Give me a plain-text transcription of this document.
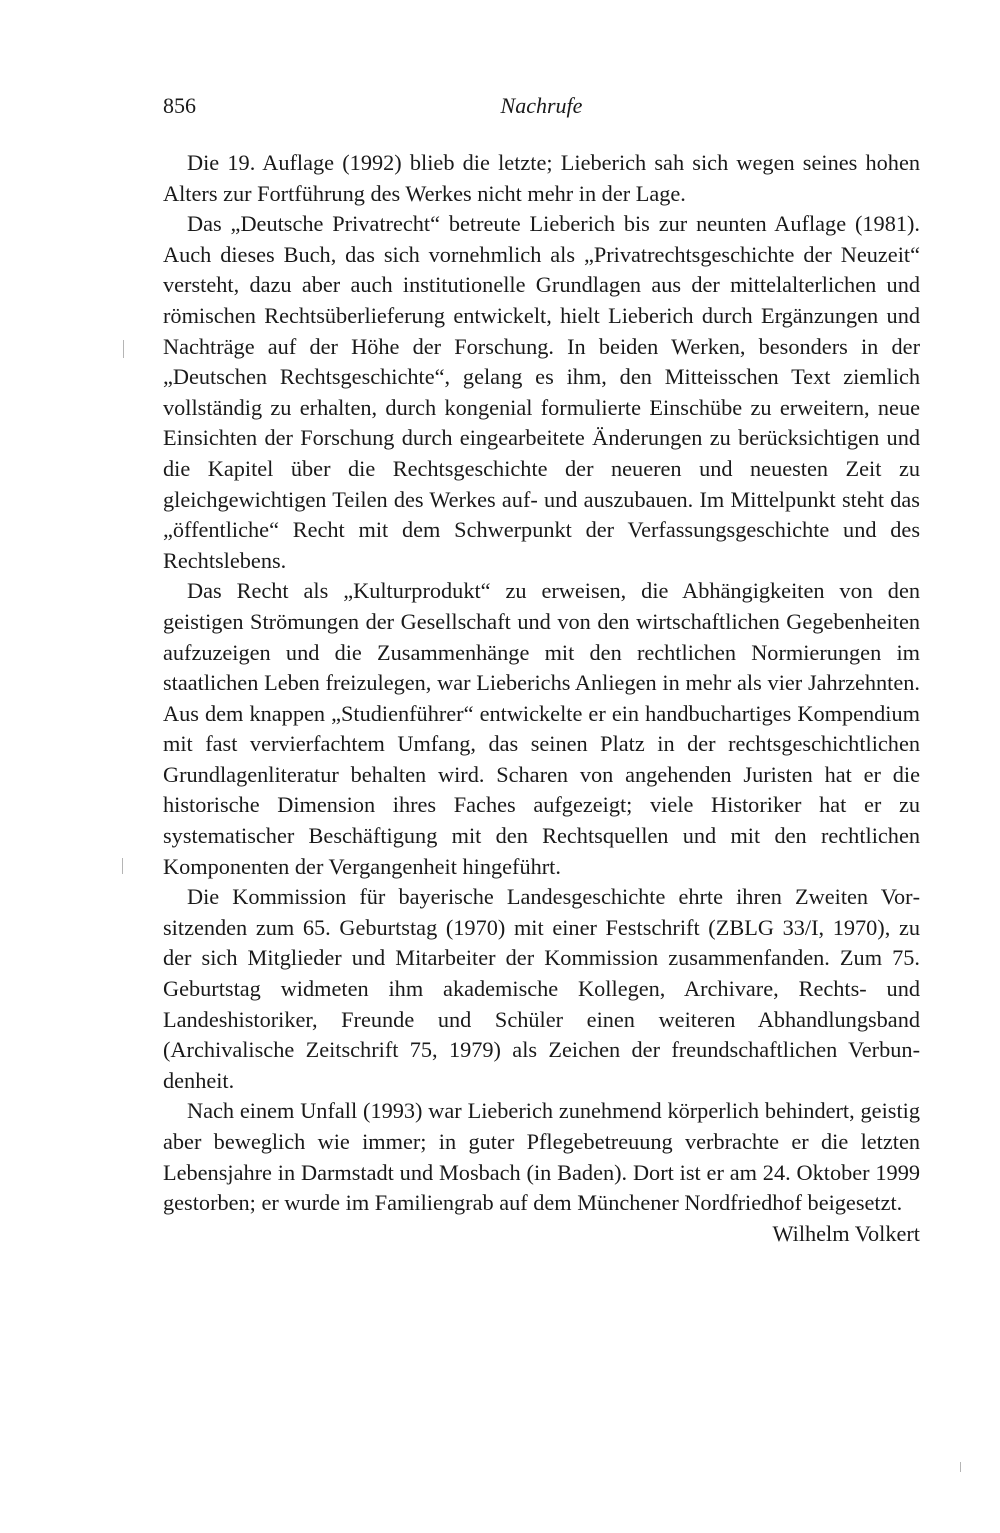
856	Nachrufe

Die 19. Auflage (1992) blieb die letzte; Lieberich sah sich wegen seines hohen Alters zur Fortführung des Werkes nicht mehr in der Lage.

Das „Deutsche Privatrecht“ betreute Lieberich bis zur neunten Auflage (1981). Auch dieses Buch, das sich vornehmlich als „Privatrechtsgeschichte der Neuzeit“ versteht, dazu aber auch institutionelle Grundlagen aus der mittelalterlichen und römischen Rechtsüberlieferung entwickelt, hielt Lieberich durch Ergänzungen und Nachträge auf der Höhe der Forschung. In beiden Werken, besonders in der „Deutschen Rechtsgeschichte“, gelang es ihm, den Mitteisschen Text ziemlich vollständig zu erhalten, durch kongenial formulierte Einschübe zu erweitern, neue Einsichten der Forschung durch eingearbeitete Änderungen zu berücksichtigen und die Kapitel über die Rechtsgeschichte der neueren und neuesten Zeit zu gleichgewichtigen Teilen des Werkes auf- und auszubauen. Im Mittelpunkt steht das „öffentliche“ Recht mit dem Schwerpunkt der Verfassungsgeschichte und des Rechtslebens.

Das Recht als „Kulturprodukt“ zu erweisen, die Abhängigkeiten von den geistigen Strömungen der Gesellschaft und von den wirtschaftlichen Gegebenheiten aufzuzeigen und die Zusammenhänge mit den rechtlichen Normierungen im staatlichen Leben freizulegen, war Lieberichs Anliegen in mehr als vier Jahrzehnten. Aus dem knappen „Studienführer“ entwickelte er ein handbuchartiges Kompendium mit fast vervierfachtem Umfang, das seinen Platz in der rechtsgeschichtlichen Grundlagenliteratur behalten wird. Scharen von angehenden Juristen hat er die historische Dimension ihres Faches aufgezeigt; viele Historiker hat er zu systematischer Beschäftigung mit den Rechtsquellen und mit den rechtlichen Komponenten der Vergangenheit hingeführt.

Die Kommission für bayerische Landesgeschichte ehrte ihren Zweiten Vorsitzenden zum 65. Geburtstag (1970) mit einer Festschrift (ZBLG 33/I, 1970), zu der sich Mitglieder und Mitarbeiter der Kommission zusammenfanden. Zum 75. Geburtstag widmeten ihm akademische Kollegen, Archivare, Rechts- und Landeshistoriker, Freunde und Schüler einen weiteren Abhandlungsband (Archivalische Zeitschrift 75, 1979) als Zeichen der freundschaftlichen Verbundenheit.

Nach einem Unfall (1993) war Lieberich zunehmend körperlich behindert, geistig aber beweglich wie immer; in guter Pflegebetreuung verbrachte er die letzten Lebensjahre in Darmstadt und Mosbach (in Baden). Dort ist er am 24. Oktober 1999 gestorben; er wurde im Familiengrab auf dem Münchener Nordfriedhof beigesetzt.

Wilhelm Volkert
